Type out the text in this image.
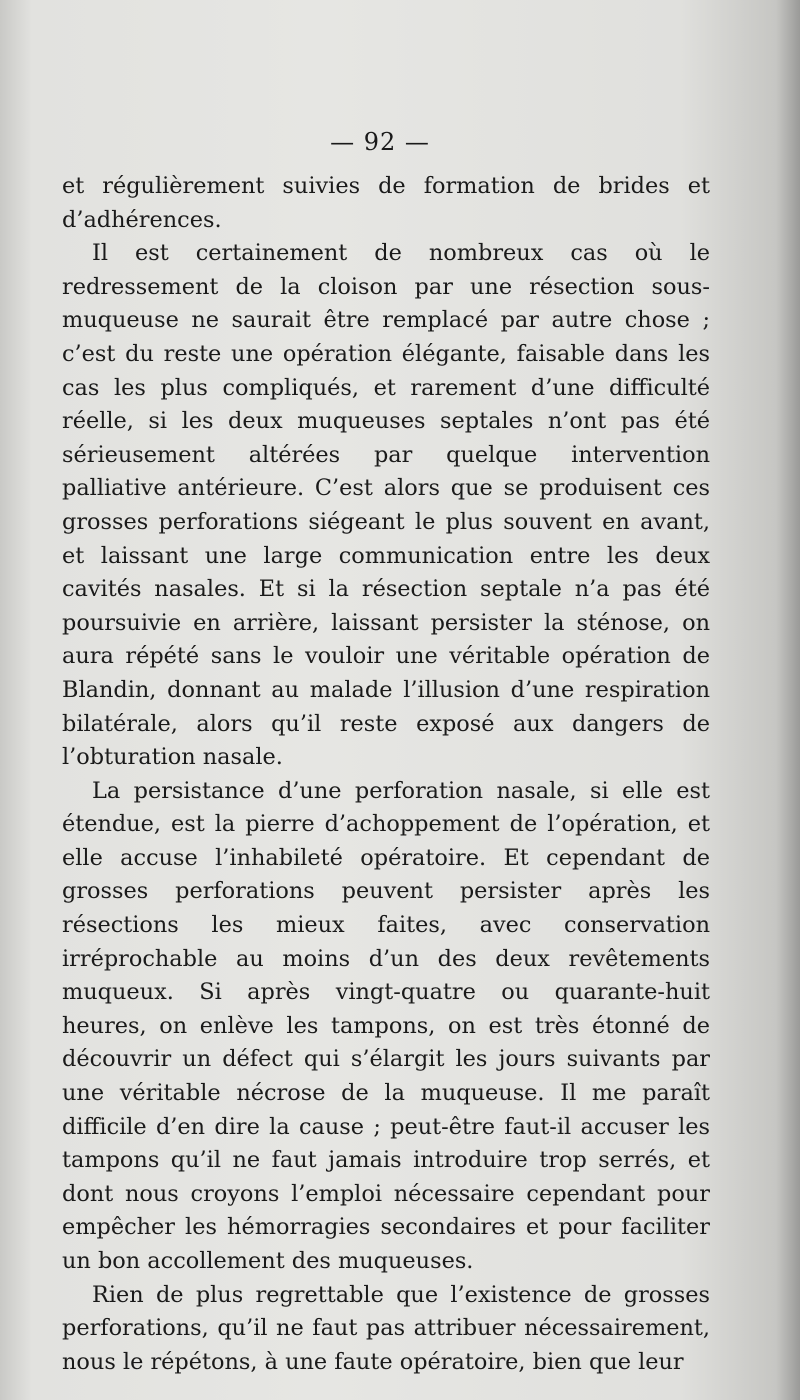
— 92 —

et régulièrement suivies de formation de brides et d’adhérences.

Il est certainement de nombreux cas où le redressement de la cloison par une résection sous-muqueuse ne saurait être remplacé par autre chose ; c’est du reste une opération élégante, faisable dans les cas les plus compliqués, et rarement d’une difficulté réelle, si les deux muqueuses septales n’ont pas été sérieusement altérées par quelque intervention palliative antérieure. C’est alors que se produisent ces grosses perforations siégeant le plus souvent en avant, et laissant une large communication entre les deux cavités nasales. Et si la résection septale n’a pas été poursuivie en arrière, laissant persister la sténose, on aura répété sans le vouloir une véritable opération de Blandin, donnant au malade l’illusion d’une respiration bilatérale, alors qu’il reste exposé aux dangers de l’obturation nasale.

La persistance d’une perforation nasale, si elle est étendue, est la pierre d’achoppement de l’opération, et elle accuse l’inhabileté opératoire. Et cependant de grosses perforations peuvent persister après les résections les mieux faites, avec conservation irréprochable au moins d’un des deux revêtements muqueux. Si après vingt-quatre ou quarante-huit heures, on enlève les tampons, on est très étonné de découvrir un défect qui s’élargit les jours suivants par une véritable nécrose de la muqueuse. Il me paraît difficile d’en dire la cause ; peut-être faut-il accuser les tampons qu’il ne faut jamais introduire trop serrés, et dont nous croyons l’emploi nécessaire cependant pour empêcher les hémorragies secondaires et pour faciliter un bon accollement des muqueuses.

Rien de plus regrettable que l’existence de grosses perforations, qu’il ne faut pas attribuer nécessairement, nous le répétons, à une faute opératoire, bien que leur
